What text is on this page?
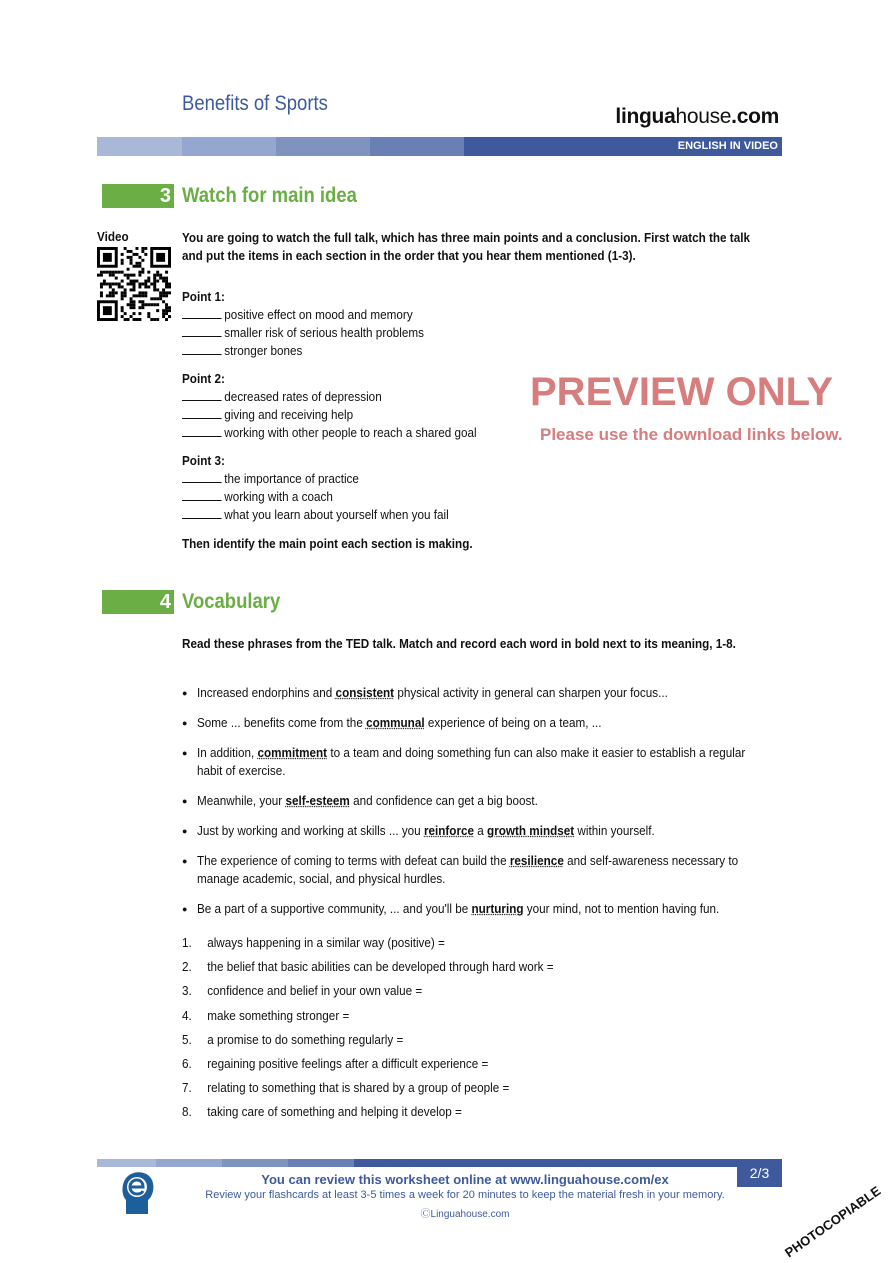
Benefits of Sports
linguahouse.com
ENGLISH IN VIDEO
3 Watch for main idea
Video	You are going to watch the full talk, which has three main points and a conclusion. First watch the talk
and put the items in each section in the order that you hear them mentioned (1-3).
Point 1:
positive effect on mood and memory
smaller risk of serious health problems
stronger bones
Point 2:
decreased rates of depression
giving and receiving help
working with other people to reach a shared goal
Point 3:
the importance of practice
working with a coach
what you learn about yourself when you fail
Then identify the main point each section is making.
4 Vocabulary
Read these phrases from the TED talk. Match and record each word in bold next to its meaning, 1-8.
● Increased endorphins and consistent physical activity in general can sharpen your focus...
● Some ... benefits come from the communal experience of being on a team, ...
● In addition, commitment to a team and doing something fun can also make it easier to establish a regular habit of exercise.
● Meanwhile, your self-esteem and confidence can get a big boost.
● Just by working and working at skills ... you reinforce a growth mindset within yourself.
● The experience of coming to terms with defeat can build the resilience and self-awareness necessary to manage academic, social, and physical hurdles.
● Be a part of a supportive community, ... and you'll be nurturing your mind, not to mention having fun.
1. always happening in a similar way (positive) =
2. the belief that basic abilities can be developed through hard work =
3. confidence and belief in your own value =
4. make something stronger =
5. a promise to do something regularly =
6. regaining positive feelings after a difficult experience =
7. relating to something that is shared by a group of people =
8. taking care of something and helping it develop =
PREVIEW ONLY
Please use the download links below.
2/3
You can review this worksheet online at www.linguahouse.com/ex
Review your flashcards at least 3-5 times a week for 20 minutes to keep the material fresh in your memory.
ⒸLinguahouse.com	PHOTOCOPIABLE
